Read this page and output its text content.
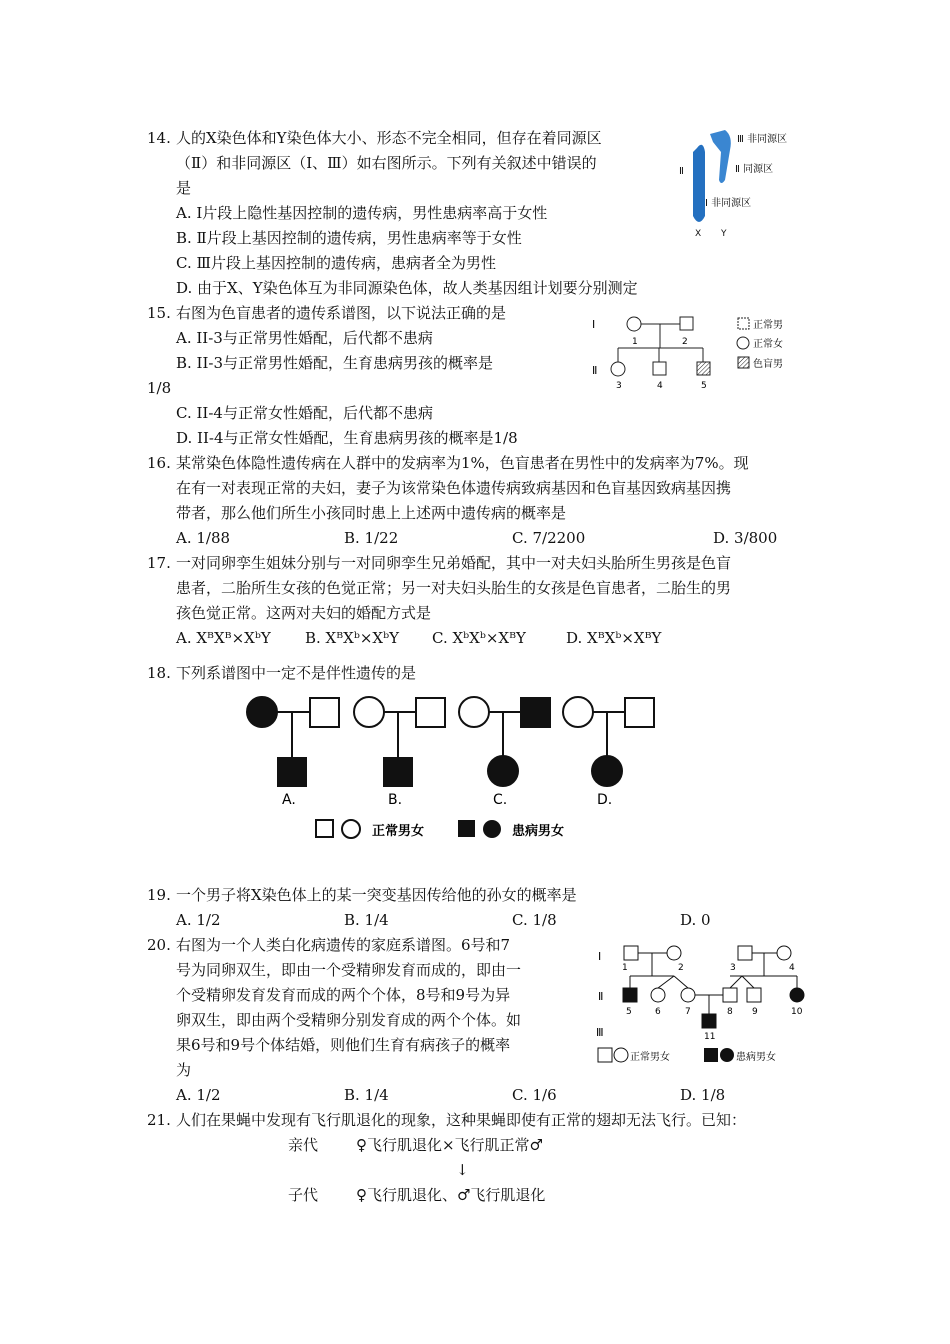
14. 人的X染色体和Y染色体大小、形态不完全相同，但存在着同源区
（Ⅱ）和非同源区（Ⅰ、Ⅲ）如右图所示。下列有关叙述中错误的
是
A. Ⅰ片段上隐性基因控制的遗传病，男性患病率高于女性
B. Ⅱ片段上基因控制的遗传病，男性患病率等于女性
C. Ⅲ片段上基因控制的遗传病，患病者全为男性
D. 由于X、Y染色体互为非同源染色体，故人类基因组计划要分别测定
Ⅲ 非同源区
Ⅱ 同源区
Ⅱ
Ⅰ 非同源区
X Y
15. 右图为色盲患者的遗传系谱图，以下说法正确的是
A. II-3与正常男性婚配，后代都不患病
B. II-3与正常男性婚配，生育患病男孩的概率是
1/8
C. II-4与正常女性婚配，后代都不患病
D. II-4与正常女性婚配，生育患病男孩的概率是1/8
Ⅰ
Ⅱ
1	2
3	4	5
正常男
正常女
色盲男
16. 某常染色体隐性遗传病在人群中的发病率为1%，色盲患者在男性中的发病率为7%。现
在有一对表现正常的夫妇，妻子为该常染色体遗传病致病基因和色盲基因致病基因携
带者，那么他们所生小孩同时患上上述两中遗传病的概率是
A. 1/88	B. 1/22	C. 7/2200	D. 3/800
17. 一对同卵孪生姐妹分别与一对同卵孪生兄弟婚配，其中一对夫妇头胎所生男孩是色盲
患者，二胎所生女孩的色觉正常；另一对夫妇头胎生的女孩是色盲患者，二胎生的男
孩色觉正常。这两对夫妇的婚配方式是
A. XᴮXᴮ×XᵇY B. XᴮXᵇ×XᵇY C. XᵇXᵇ×XᴮY	D. XᴮXᵇ×XᴮY
18. 下列系谱图中一定不是伴性遗传的是
A.	B.	C.	D.
正常男女	患病男女
19. 一个男子将X染色体上的某一突变基因传给他的孙女的概率是
A. 1/2	B. 1/4	C. 1/8	D. 0
20. 右图为一个人类白化病遗传的家庭系谱图。6号和7
号为同卵双生，即由一个受精卵发育而成的，即由一
个受精卵发育发育而成的两个个体，8号和9号为异
卵双生，即由两个受精卵分别发育成的两个个体。如
果6号和9号个体结婚，则他们生育有病孩子的概率
为
A. 1/2	B. 1/4	C. 1/6	D. 1/8
Ⅰ
Ⅱ
Ⅲ
1	2	3	4
5	6	7	8 9	10
11
正常男女	患病男女
21. 人们在果蝇中发现有飞行肌退化的现象，这种果蝇即使有正常的翅却无法飞行。已知：
亲代	♀飞行肌退化×飞行肌正常♂
↓
子代	♀飞行肌退化、♂飞行肌退化
